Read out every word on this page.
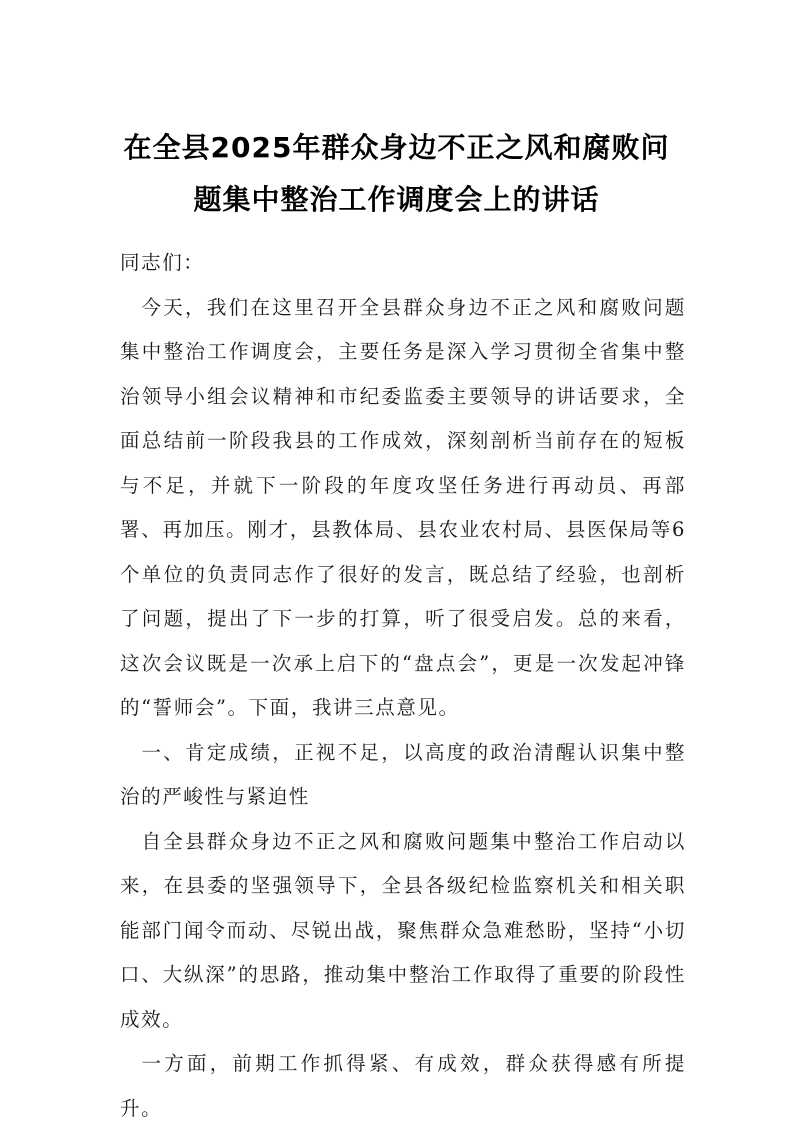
在全县2025年群众身边不正之风和腐败问
题集中整治工作调度会上的讲话

同志们：

今天，我们在这里召开全县群众身边不正之风和腐败问题集中整治工作调度会，主要任务是深入学习贯彻全省集中整治领导小组会议精神和市纪委监委主要领导的讲话要求，全面总结前一阶段我县的工作成效，深刻剖析当前存在的短板与不足，并就下一阶段的年度攻坚任务进行再动员、再部署、再加压。刚才，县教体局、县农业农村局、县医保局等6个单位的负责同志作了很好的发言，既总结了经验，也剖析了问题，提出了下一步的打算，听了很受启发。总的来看，这次会议既是一次承上启下的“盘点会”，更是一次发起冲锋的“誓师会”。下面，我讲三点意见。

一、肯定成绩，正视不足，以高度的政治清醒认识集中整治的严峻性与紧迫性

自全县群众身边不正之风和腐败问题集中整治工作启动以来，在县委的坚强领导下，全县各级纪检监察机关和相关职能部门闻令而动、尽锐出战，聚焦群众急难愁盼，坚持“小切口、大纵深”的思路，推动集中整治工作取得了重要的阶段性成效。

一方面，前期工作抓得紧、有成效，群众获得感有所提升。
